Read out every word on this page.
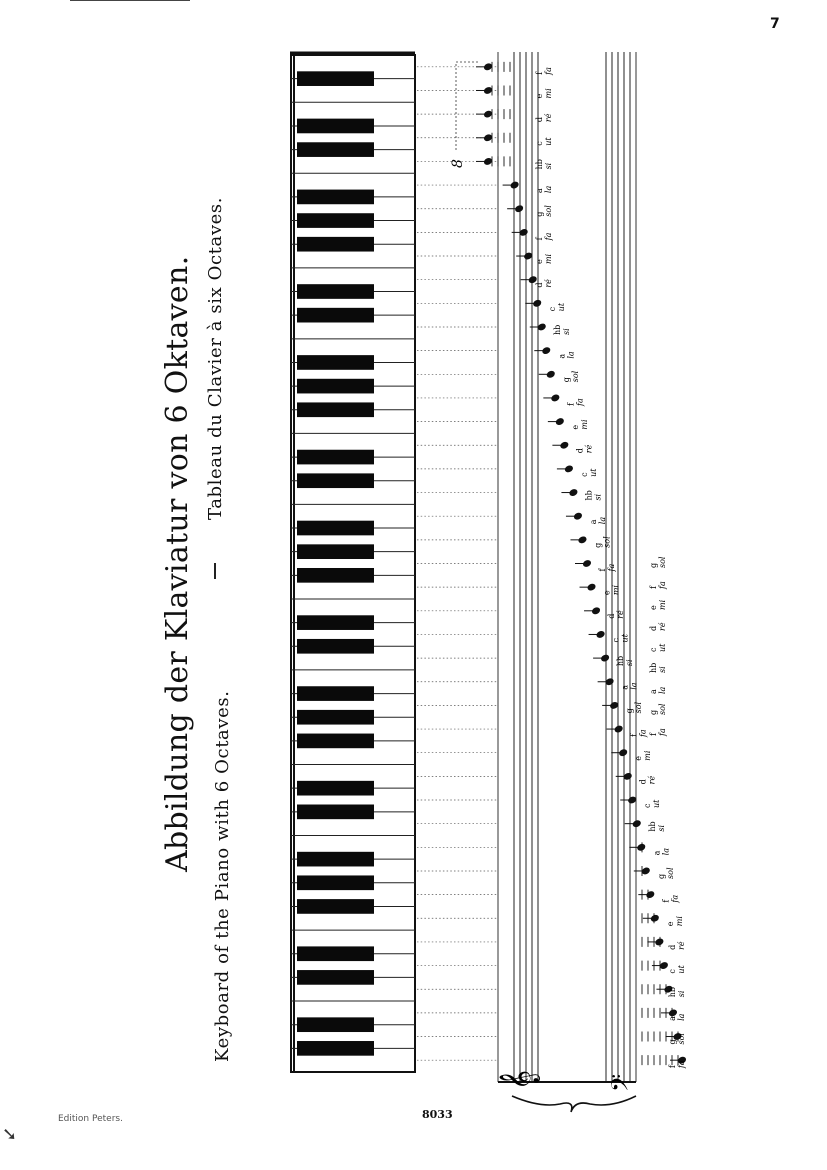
7
Abbildung der Klaviatur von 6 Oktaven.
Keyboard of the Piano with 6 Octaves.
Tableau du Clavier à six Octaves.
𝄞 𝄢
8
f fa
e mi
d ré
c ut
hb si
a la
g sol
f fa
e mi
d ré
c ut
hb si
a la
g sol
f fa
e mi
d ré
c ut
hb si
a la
g sol
f fa
e mi
d ré
c ut
hb si
a la
g sol
f fa
e mi
d ré
c ut
hb si
a la
g sol
f fa
e mi
d ré
c ut
hb si
a la
g sol
f fa
f fa
g sol
a la
hb si
c ut
d ré
e mi
f fa
g sol
Edition Peters.	8033
➘
